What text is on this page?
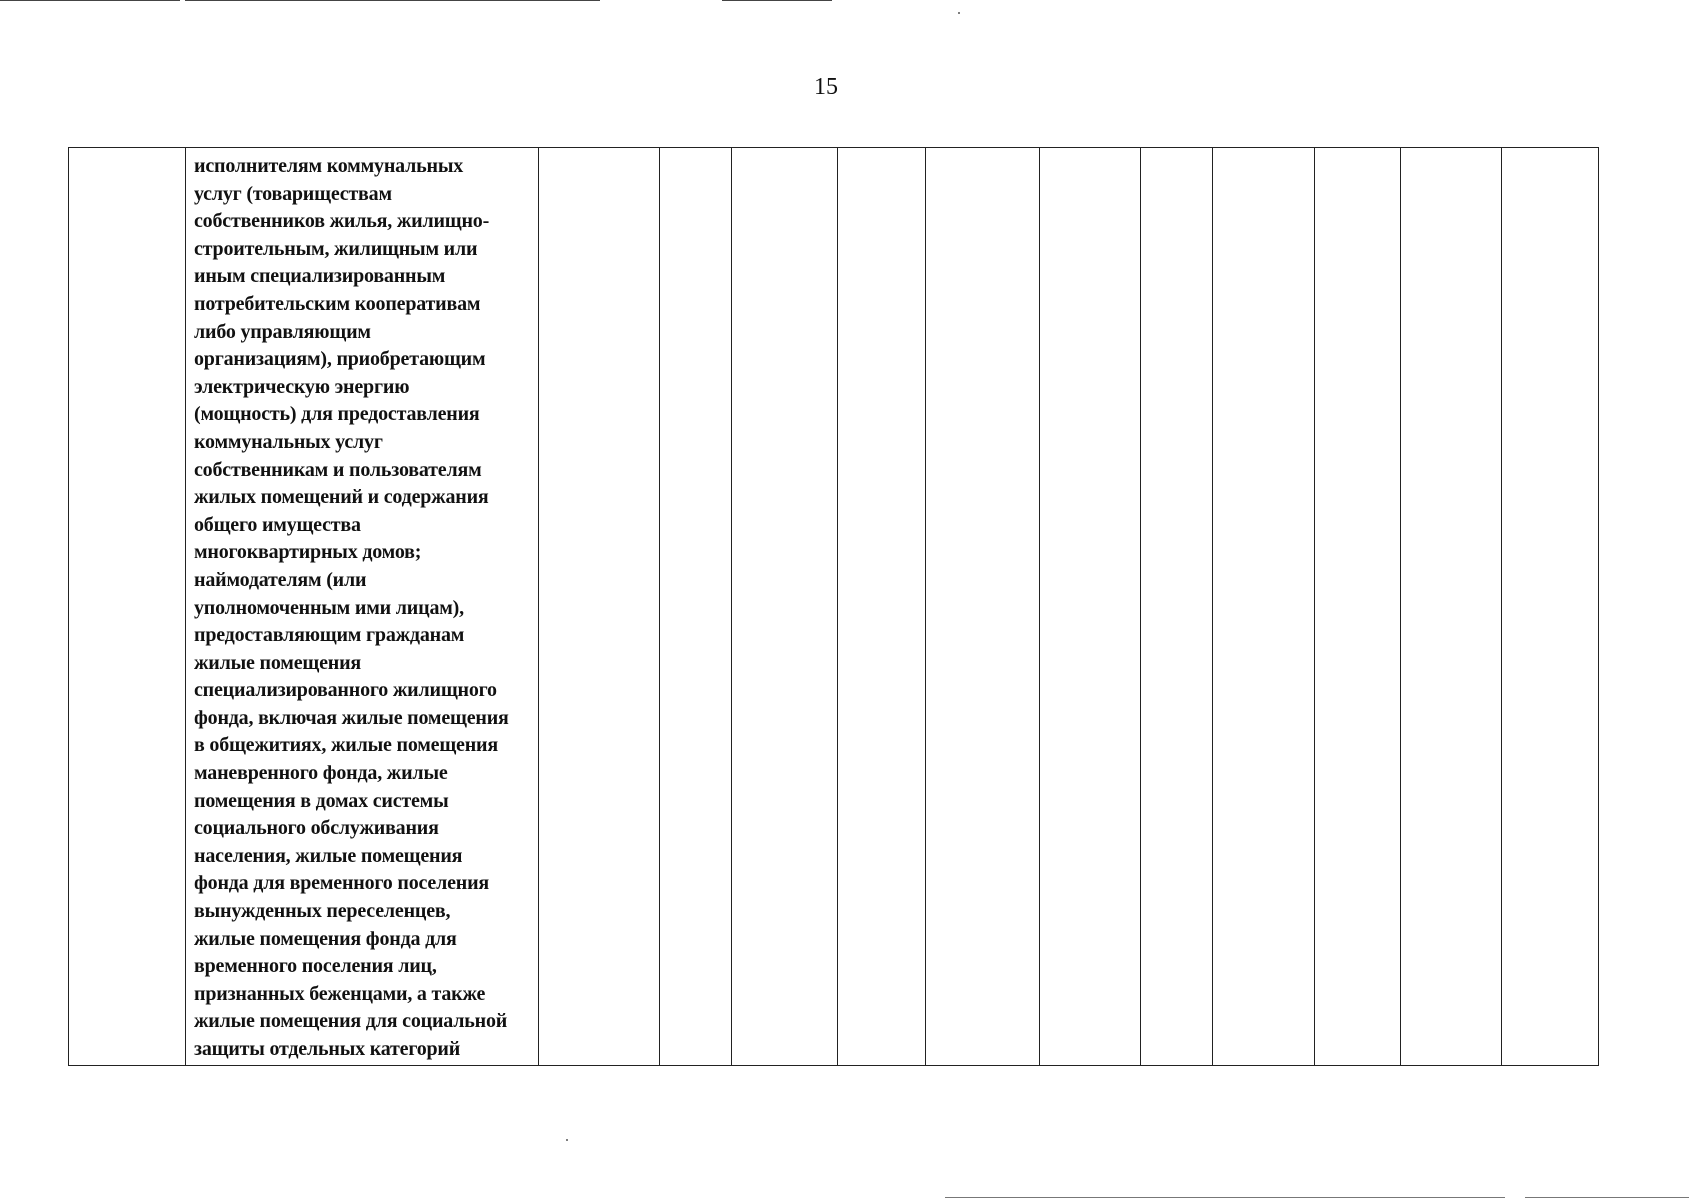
15

исполнителям коммунальных
услуг (товариществам
собственников жилья, жилищно-
строительным, жилищным или
иным специализированным
потребительским кооперативам
либо управляющим
организациям), приобретающим
электрическую энергию
(мощность) для предоставления
коммунальных услуг
собственникам и пользователям
жилых помещений и содержания
общего имущества
многоквартирных домов;
наймодателям (или
уполномоченным ими лицам),
предоставляющим гражданам
жилые помещения
специализированного жилищного
фонда, включая жилые помещения
в общежитиях, жилые помещения
маневренного фонда, жилые
помещения в домах системы
социального обслуживания
населения, жилые помещения
фонда для временного поселения
вынужденных переселенцев,
жилые помещения фонда для
временного поселения лиц,
признанных беженцами, а также
жилые помещения для социальной
защиты отдельных категорий
